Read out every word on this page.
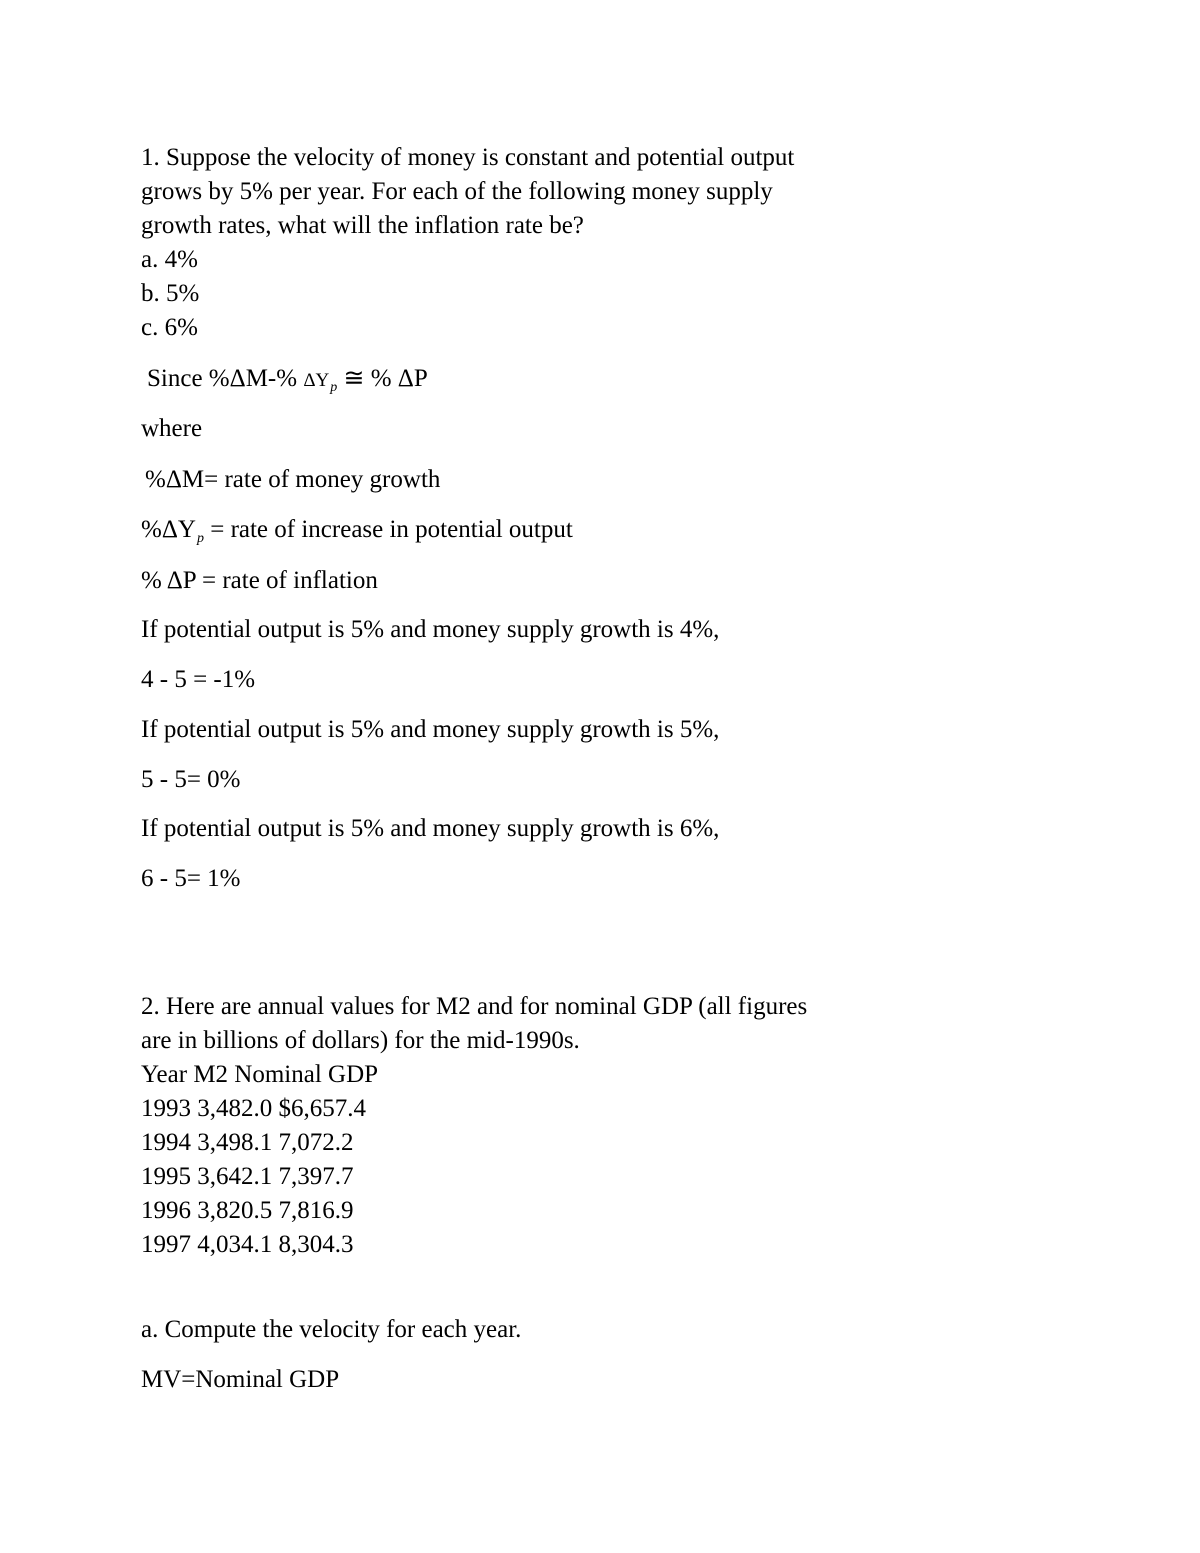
1. Suppose the velocity of money is constant and potential output
grows by 5% per year. For each of the following money supply
growth rates, what will the inflation rate be?
a. 4%
b. 5%
c. 6%
Since %ΔM-% $\Delta Y_p$ ≅ % ΔP
where
%ΔM= rate of money growth
$\%\Delta Y_p$ = rate of increase in potential output
% ΔP = rate of inflation
If potential output is 5% and money supply growth is 4%,
4 - 5 = -1%
If potential output is 5% and money supply growth is 5%,
5 - 5= 0%
If potential output is 5% and money supply growth is 6%,
6 - 5= 1%
2. Here are annual values for M2 and for nominal GDP (all figures
are in billions of dollars) for the mid-1990s.
Year M2 Nominal GDP
1993 3,482.0 $6,657.4
1994 3,498.1 7,072.2
1995 3,642.1 7,397.7
1996 3,820.5 7,816.9
1997 4,034.1 8,304.3
a. Compute the velocity for each year.
MV=Nominal GDP
